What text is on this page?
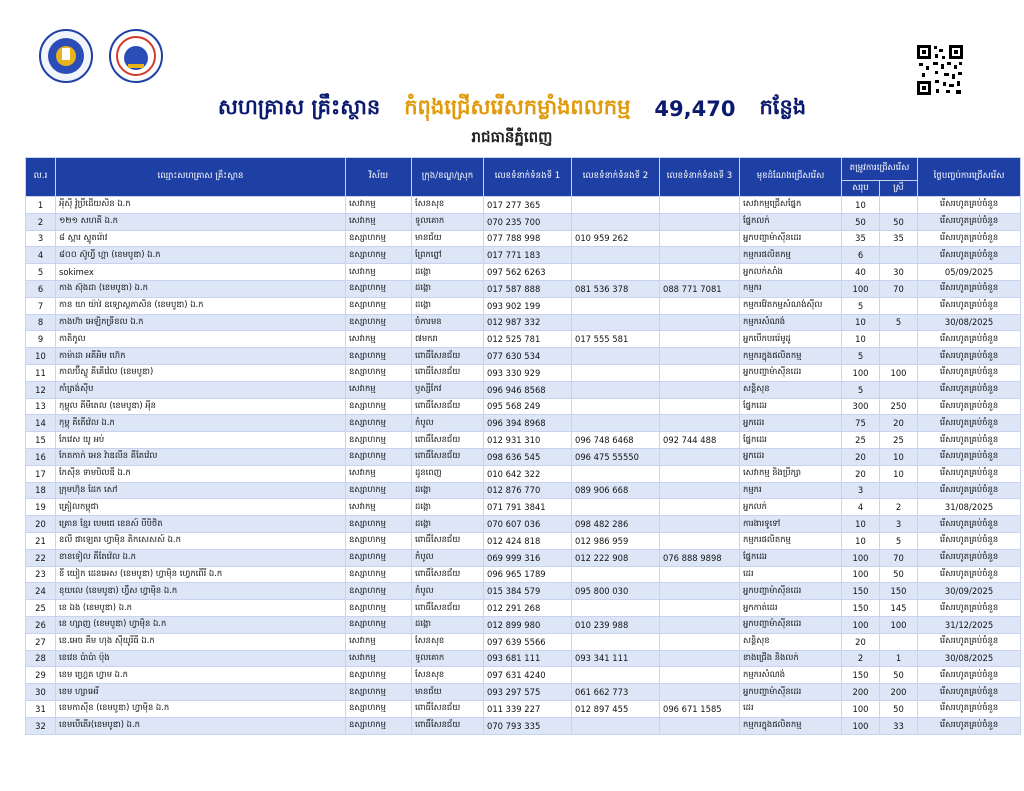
សហគ្រាស គ្រឹះស្ថាន កំពុងជ្រើសរើសកម្លាំងពលកម្ម 49,470 កន្លែង
រាជធានីភ្នំពេញ
ល.រ	ឈ្មោះសហគ្រាស គ្រឹះស្ថាន	វិស័យ	ក្រុង/ខណ្ឌ/ស្រុក	លេខទំនាក់ទំនងទី 1	លេខទំនាក់ទំនងទី 2	លេខទំនាក់ទំនងទី 3	មុខដំណែងជ្រើសរើស	តម្រូវការជ្រើសរើស		ថ្ងៃបញ្ចប់ការជ្រើសរើស
								សរុប	ស្រី	
1	អុីស៊ី វ៉ូប្រឺដើយសិន ឯ.ក	សេវាកម្ម	សែនសុខ	017 277 365			សេវាកម្មជ្រើសផ្នែក	10		រើសរហូតគ្រប់ចំនួន
2	១២១ សហគី ឯ.ក	សេវាកម្ម	ទូលគោក	070 235 700			ផ្នែកលក់	50	50	រើសរហូតគ្រប់ចំនួន
3	៨ ស្តារ ស្ទូតរ៉ោវ	ឧស្សាហកម្ម	មានជ័យ	077 788 998	010 959 262		អ្នកបញ្ជាម៉ាស៊ីនដេរ	35	35	រើសរហូតគ្រប់ចំនួន
4	៨០០ ស៊ូហ្វី ហ្គា (ខេមបូឌា) ឯ.ក	ឧស្សាហកម្ម	ព្រែកព្នៅ	017 771 183			កម្មករផលិតកម្ម	6		រើសរហូតគ្រប់ចំនួន
5	sokimex	សេវាកម្ម	ដង្កោ	097 562 6263			អ្នកលក់សាំង	40	30	05/09/2025
6	កាង ស៊ុងដា (ខេមបូឌា) ឯ.ក	ឧស្សាហកម្ម	ដង្កោ	017 587 888	081 536 378	088 771 7081	កម្មករ	100	70	រើសរហូតគ្រប់ចំនួន
7	កាន យា យ៉ាវ់ ឧទ្យោស្ថភាសិន (ខេមបូឌា) ឯ.ក	ឧស្សាហកម្ម	ដង្កោ	093 902 199			កម្មករវ៉ែតកម្មសំណង់ស៊ីល	5		រើសរហូតគ្រប់ចំនួន
8	កាងហ៊ា អេឡិកទ្រីខល ឯ.ក	ឧស្សាហកម្ម	ចំការមន	012 987 332			កម្មករសំណង់	10	5	30/08/2025
9	កាតិកូល	សេវាកម្ម	៧មករា	012 525 781	017 555 581		អ្នកបើកបររ៉េមូដូ	10		រើសរហូតគ្រប់ចំនួន
10	កាម៉ាដា អគីអិម ហ៊េក	ឧស្សាហកម្ម	ពោធិ៍សែនជ័យ	077 630 534			កម្មករក្នុងផលិតកម្ម	5		រើសរហូតគ្រប់ចំនួន
11	កាលប៊ីស្លូ គីគើវ៉េល (ខេមបូឌា)	ឧស្សាហកម្ម	ពោធិ៍សែនជ័យ	093 330 929			អ្នកបញ្ជាម៉ាស៊ីនដេរ	100	100	រើសរហូតគ្រប់ចំនួន
12	កាំត្រង់ស៊ីប	សេវាកម្ម	ឫស្សីកែវ	096 946 8568			សន្តិសុខ	5		រើសរហូតគ្រប់ចំនួន
13	កុម្ពុល គីមីតេល (ខេមបូឌា) អុីន	ឧស្សាហកម្ម	ពោធិ៍សែនជ័យ	095 568 249			ផ្នែកដេរ	300	250	រើសរហូតគ្រប់ចំនួន
14	កុម្ពុ គីតើវ៉េល ឯ.ក	ឧស្សាហកម្ម	កំបូល	096 394 8968			អ្នកដេរ	75	20	រើសរហូតគ្រប់ចំនួន
15	កែវេស យូ អប់	ឧស្សាហកម្ម	ពោធិ៍សែនជ័យ	012 931 310	096 748 6468	092 744 488	ផ្នែកដេរ	25	25	រើសរហូតគ្រប់ចំនួន
16	កែតកាក់ អេន វ៉ាឌលីន គីតែវ៉េល	ឧស្សាហកម្ម	ពោធិ៍សែនជ័យ	098 636 545	096 475 55550		អ្នកដេរ	20	10	រើសរហូតគ្រប់ចំនួន
17	កែស៊ីន ទាមបិលឌី ឯ.ក	សេវាកម្ម	ដូនពេញ	010 642 322			សេវាកម្ម និងប្រឹក្សា	20	10	រើសរហូតគ្រប់ចំនួន
18	ក្រុមហ៊ុន ដែក សៅ	ឧស្សាហកម្ម	ដង្កោ	012 876 770	089 906 668		កម្មករ	3		រើសរហូតគ្រប់ចំនួន
19	គ្រៀលកម្ពុជា	សេវាកម្ម	ដង្កោ	071 791 3841			អ្នកលក់	4	2	31/08/2025
20	គ្រោន ខ្មែរ បេមជេ ខេនស៍ បីបិថិត	ឧស្សាហកម្ម	ដង្កោ	070 607 036	098 482 286		ការងារទូទៅ	10	3	រើសរហូតគ្រប់ចំនួន
21	ខលី ផាឡេតរ ហ្វាម៉ិន តិកសេសស៍ ឯ.ក	ឧស្សាហកម្ម	ពោធិ៍សែនជ័យ	012 424 818	012 986 959		កម្មករផលិតកម្ម	10	5	រើសរហូតគ្រប់ចំនួន
22	ខានទៀល គីតែវ៉េល ឯ.ក	ឧស្សាហកម្ម	កំបូល	069 999 316	012 222 908	076 888 9898	ផ្នែកដេរ	100	70	រើសរហូតគ្រប់ចំនួន
23	ខី យៀក ដេនអេស (ខេមបូឌា) ហ្វាម៉ិន ហ្វេកពើរី ឯ.ក	ឧស្សាហកម្ម	ពោធិ៍សែនជ័យ	096 965 1789			ដេរ	100	50	រើសរហូតគ្រប់ចំនួន
24	ខុយលេ (ខេមបូឌា) ហ្វឹស ហ្វាម៉ិន ឯ.ក	ឧស្សាហកម្ម	កំបូល	015 384 579	095 800 030		អ្នកបញ្ជាម៉ាស៊ីនដេរ	150	150	30/09/2025
25	ខេ ឯង (ខេមបូឌា) ឯ.ក	ឧស្សាហកម្ម	ពោធិ៍សែនជ័យ	012 291 268			អ្នកកាត់ដេរ	150	145	រើសរហូតគ្រប់ចំនួន
26	ខេ ហ្សាញ (ខេមបូឌា) ហ្វាម៉ិន ឯ.ក	ឧស្សាហកម្ម	ដង្កោ	012 899 980	010 239 988		អ្នកបញ្ជាម៉ាស៊ីនដេរ	100	100	31/12/2025
27	ខេ.អេច គីម ហុង ស៊ីយូរីធី ឯ.ក	សេវាកម្ម	សែនសុខ	097 639 5566			សន្តិសុខ	20		រើសរហូតគ្រប់ចំនួន
28	ខេវេន ប៉ាប៉ា ប៉ុង	សេវាកម្ម	ទូលគោក	093 681 111	093 341 111		ខាងជ្រើង និងលក់	2	1	30/08/2025
29	ខេម ហ្គ្រេត ហ្វាម ឯ.ក	ឧស្សាហកម្ម	សែនសុខ	097 631 4240			កម្មករសំណង់	150	50	រើសរហូតគ្រប់ចំនួន
30	ខេម ហ្សាអេរី	ឧស្សាហកម្ម	មានជ័យ	093 297 575	061 662 773		អ្នកបញ្ជាម៉ាស៊ីនដេរ	200	200	រើសរហូតគ្រប់ចំនួន
31	ខេមកាស៊ីន (ខេមបូឌា) ហ្វាម៉ិន ឯ.ក	ឧស្សាហកម្ម	ពោធិ៍សែនជ័យ	011 339 227	012 897 455	096 671 1585	ដេរ	100	50	រើសរហូតគ្រប់ចំនួន
32	ខេមបើតើរ(ខេមបូឌា) ឯ.ក	ឧស្សាហកម្ម	ពោធិ៍សែនជ័យ	070 793 335			កម្មករក្នុងផលិតកម្ម	100	33	រើសរហូតគ្រប់ចំនួន
